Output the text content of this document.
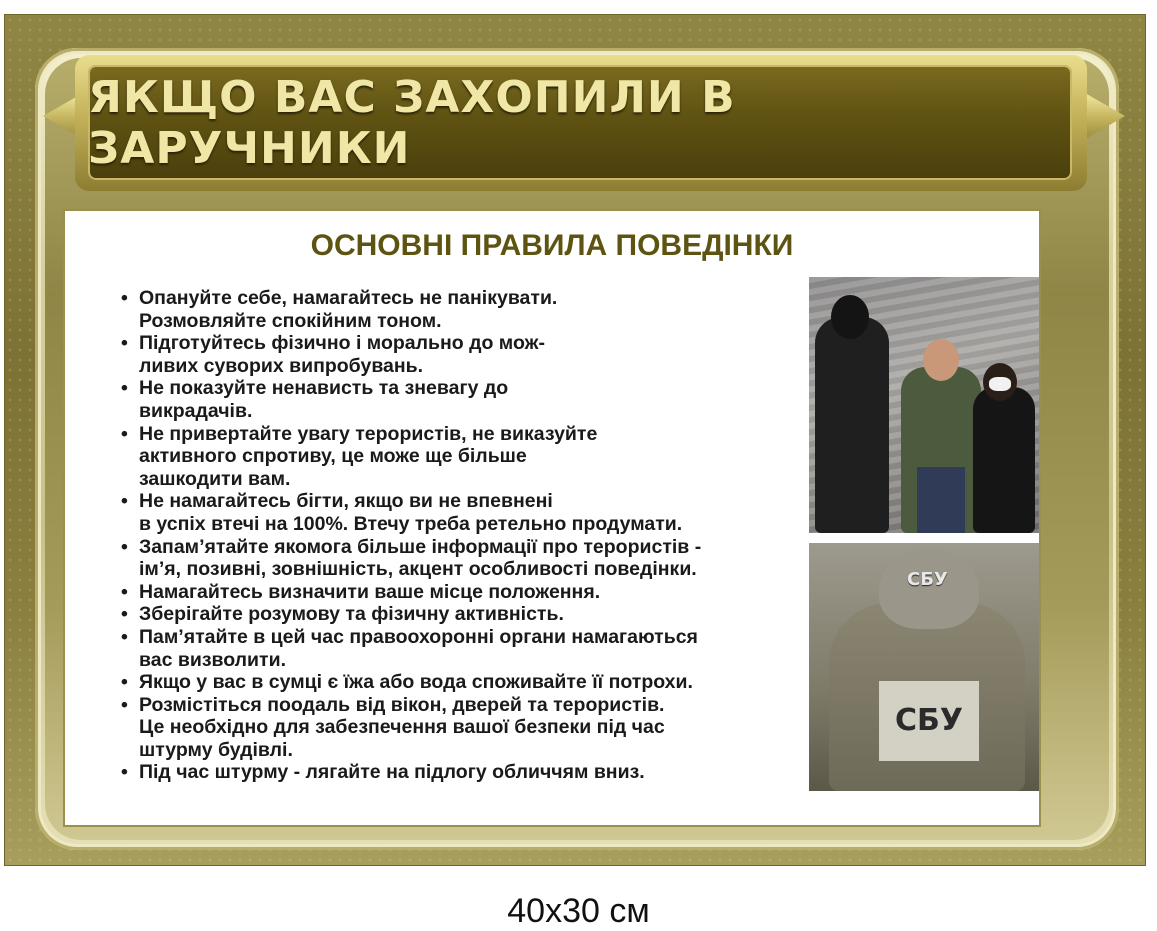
ЯКЩО ВАС ЗАХОПИЛИ В ЗАРУЧНИКИ
ОСНОВНІ ПРАВИЛА ПОВЕДІНКИ
• Опануйте себе, намагайтесь не панікувати.
Розмовляйте спокійним тоном.
• Підготуйтесь фізично і морально до мож-
ливих суворих випробувань.
• Не показуйте ненависть та зневагу до
викрадачів.
• Не привертайте увагу терористів, не виказуйте
активного спротиву, це може ще більше
зашкодити вам.
• Не намагайтесь бігти, якщо ви не впевнені
в успіх втечі на 100%. Втечу треба ретельно продумати.
• Запам’ятайте якомога більше інформації про терористів -
ім’я, позивні, зовнішність, акцент особливості поведінки.
• Намагайтесь визначити ваше місце положення.
• Зберігайте розумову та фізичну активність.
• Пам’ятайте в цей час правоохоронні органи намагаються
вас визволити.
• Якщо у вас в сумці є їжа або вода споживайте її потрохи.
• Розмістіться поодаль від вікон, дверей та терористів.
Це необхідно для забезпечення вашої безпеки під час
штурму будівлі.
• Під час штурму - лягайте на підлогу обличчям вниз.
СБУ
СБУ
40x30 см
